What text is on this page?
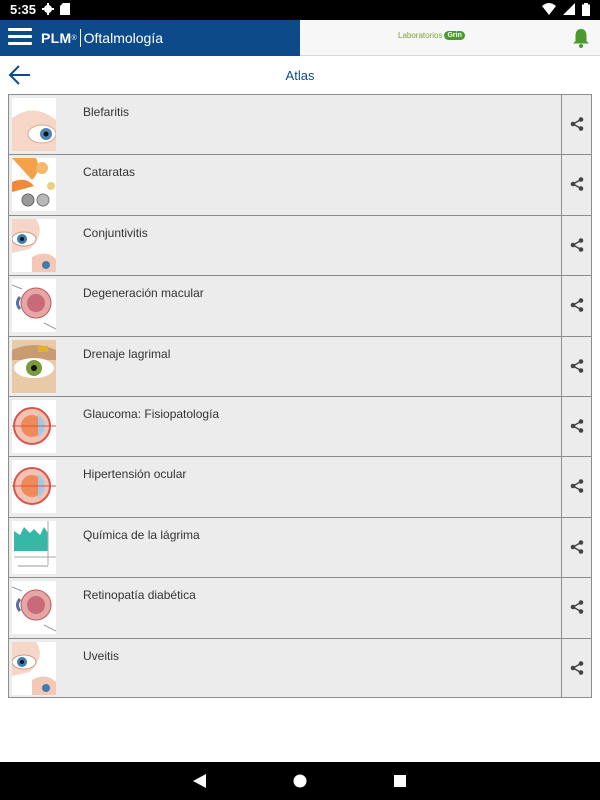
5:35
PLM ® Oftalmología	Laboratorios Grin
Atlas
Blefaritis
Cataratas
Conjuntivitis
Degeneración macular
Drenaje lagrimal
Glaucoma: Fisiopatología
Hipertensión ocular
Química de la lágrima
Retinopatía diabética
Uveitis
